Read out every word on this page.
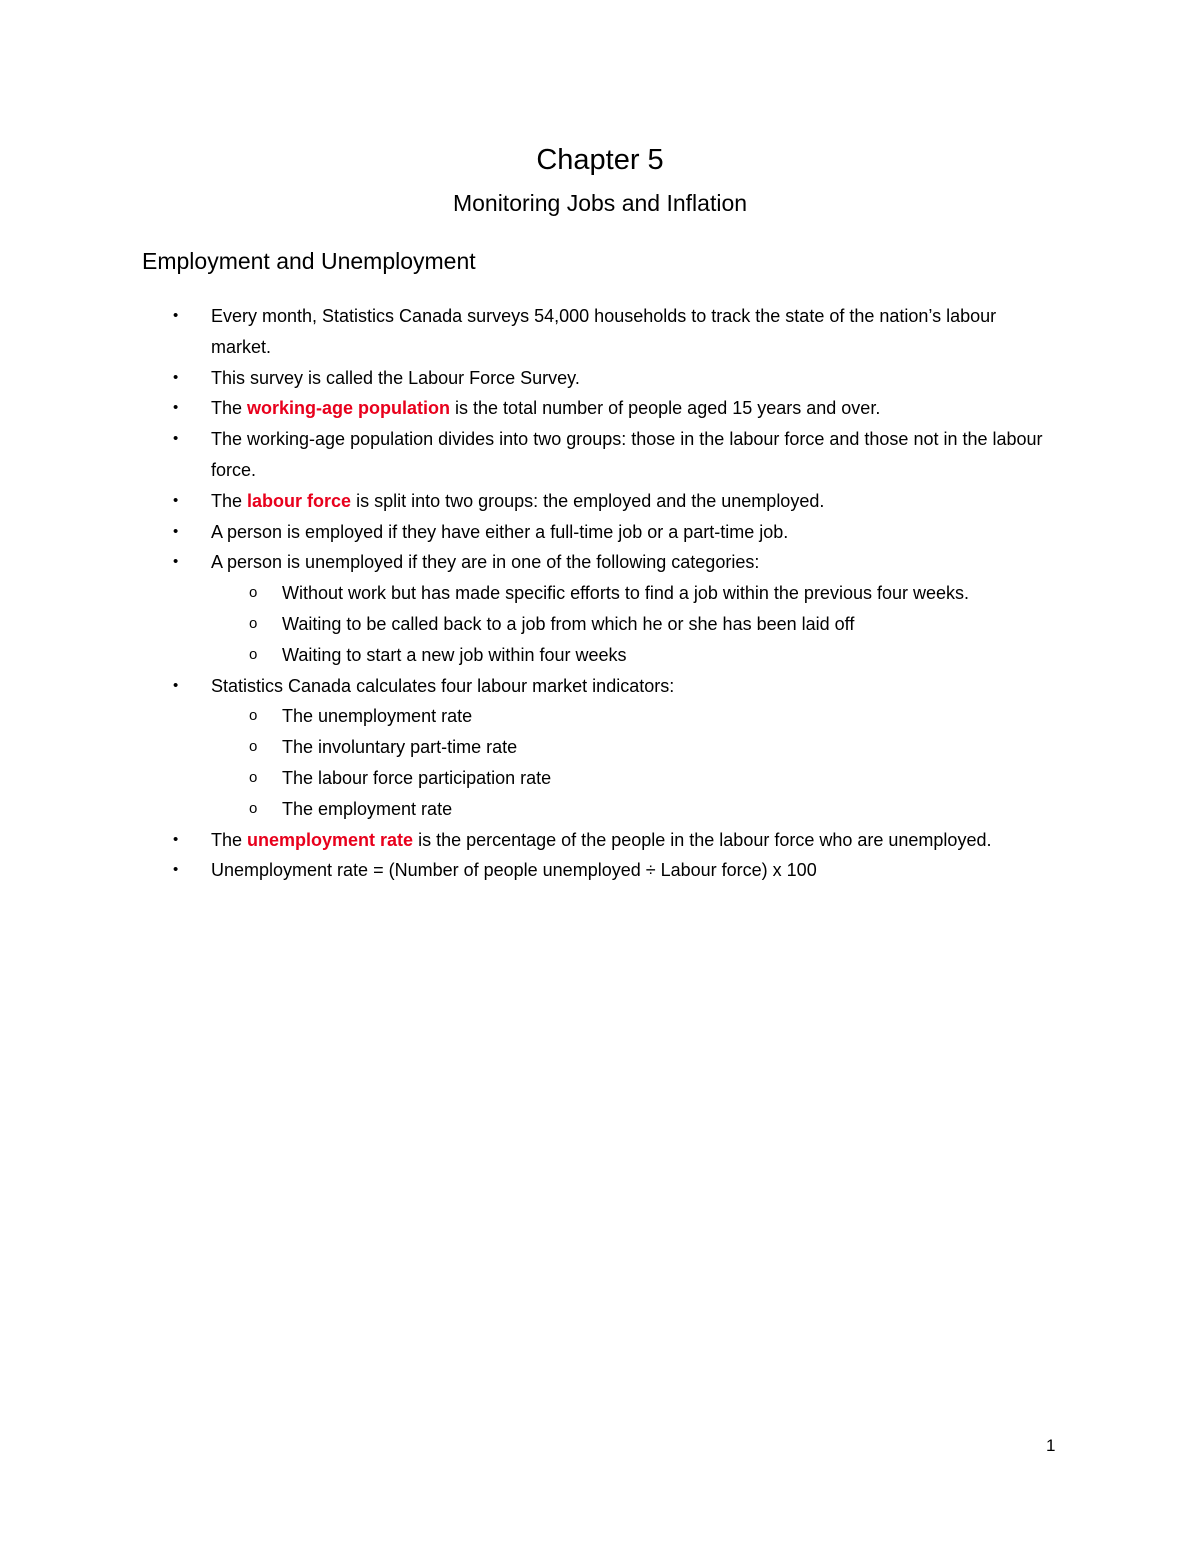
Chapter 5
Monitoring Jobs and Inflation
Employment and Unemployment
• Every month, Statistics Canada surveys 54,000 households to track the state of the nation’s labour market.
• This survey is called the Labour Force Survey.
• The working-age population is the total number of people aged 15 years and over.
• The working-age population divides into two groups: those in the labour force and those not in the labour force.
• The labour force is split into two groups: the employed and the unemployed.
• A person is employed if they have either a full-time job or a part-time job.
• A person is unemployed if they are in one of the following categories:
o Without work but has made specific efforts to find a job within the previous four weeks.
o Waiting to be called back to a job from which he or she has been laid off
o Waiting to start a new job within four weeks
• Statistics Canada calculates four labour market indicators:
o The unemployment rate
o The involuntary part-time rate
o The labour force participation rate
o The employment rate
• The unemployment rate is the percentage of the people in the labour force who are unemployed.
• Unemployment rate = (Number of people unemployed ÷ Labour force) x 100
1
